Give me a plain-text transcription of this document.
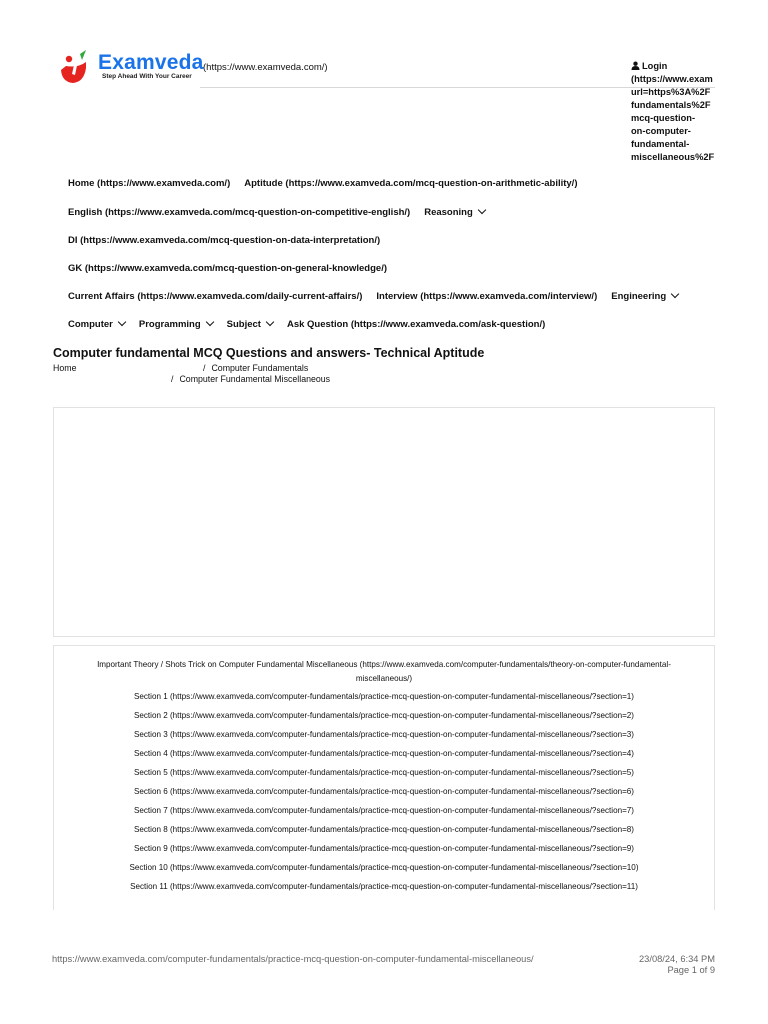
Examveda
Step Ahead With Your Career
(https://www.examveda.com/)	Login
(https://www.exam
url=https%3A%2F
fundamentals%2F
mcq-question-
on-computer-
fundamental-
miscellaneous%2F
Home (https://www.examveda.com/) Aptitude (https://www.examveda.com/mcq-question-on-arithmetic-ability/)
English (https://www.examveda.com/mcq-question-on-competitive-english/) Reasoning
DI (https://www.examveda.com/mcq-question-on-data-interpretation/)
GK (https://www.examveda.com/mcq-question-on-general-knowledge/)
Current Affairs (https://www.examveda.com/daily-current-affairs/) Interview (https://www.examveda.com/interview/) Engineering
Computer	Programming	Subject	Ask Question (https://www.examveda.com/ask-question/)
Computer fundamental MCQ Questions and answers- Technical Aptitude
Home	/ Computer Fundamentals
/ Computer Fundamental Miscellaneous
Important Theory / Shots Trick on Computer Fundamental Miscellaneous (https://www.examveda.com/computer-fundamentals/theory-on-computer-fundamental-miscellaneous/)
Section 1 (https://www.examveda.com/computer-fundamentals/practice-mcq-question-on-computer-fundamental-miscellaneous/?section=1)
Section 2 (https://www.examveda.com/computer-fundamentals/practice-mcq-question-on-computer-fundamental-miscellaneous/?section=2)
Section 3 (https://www.examveda.com/computer-fundamentals/practice-mcq-question-on-computer-fundamental-miscellaneous/?section=3)
Section 4 (https://www.examveda.com/computer-fundamentals/practice-mcq-question-on-computer-fundamental-miscellaneous/?section=4)
Section 5 (https://www.examveda.com/computer-fundamentals/practice-mcq-question-on-computer-fundamental-miscellaneous/?section=5)
Section 6 (https://www.examveda.com/computer-fundamentals/practice-mcq-question-on-computer-fundamental-miscellaneous/?section=6)
Section 7 (https://www.examveda.com/computer-fundamentals/practice-mcq-question-on-computer-fundamental-miscellaneous/?section=7)
Section 8 (https://www.examveda.com/computer-fundamentals/practice-mcq-question-on-computer-fundamental-miscellaneous/?section=8)
Section 9 (https://www.examveda.com/computer-fundamentals/practice-mcq-question-on-computer-fundamental-miscellaneous/?section=9)
Section 10 (https://www.examveda.com/computer-fundamentals/practice-mcq-question-on-computer-fundamental-miscellaneous/?section=10)
Section 11 (https://www.examveda.com/computer-fundamentals/practice-mcq-question-on-computer-fundamental-miscellaneous/?section=11)
https://www.examveda.com/computer-fundamentals/practice-mcq-question-on-computer-fundamental-miscellaneous/	23/08/24, 6:34 PM
Page 1 of 9
